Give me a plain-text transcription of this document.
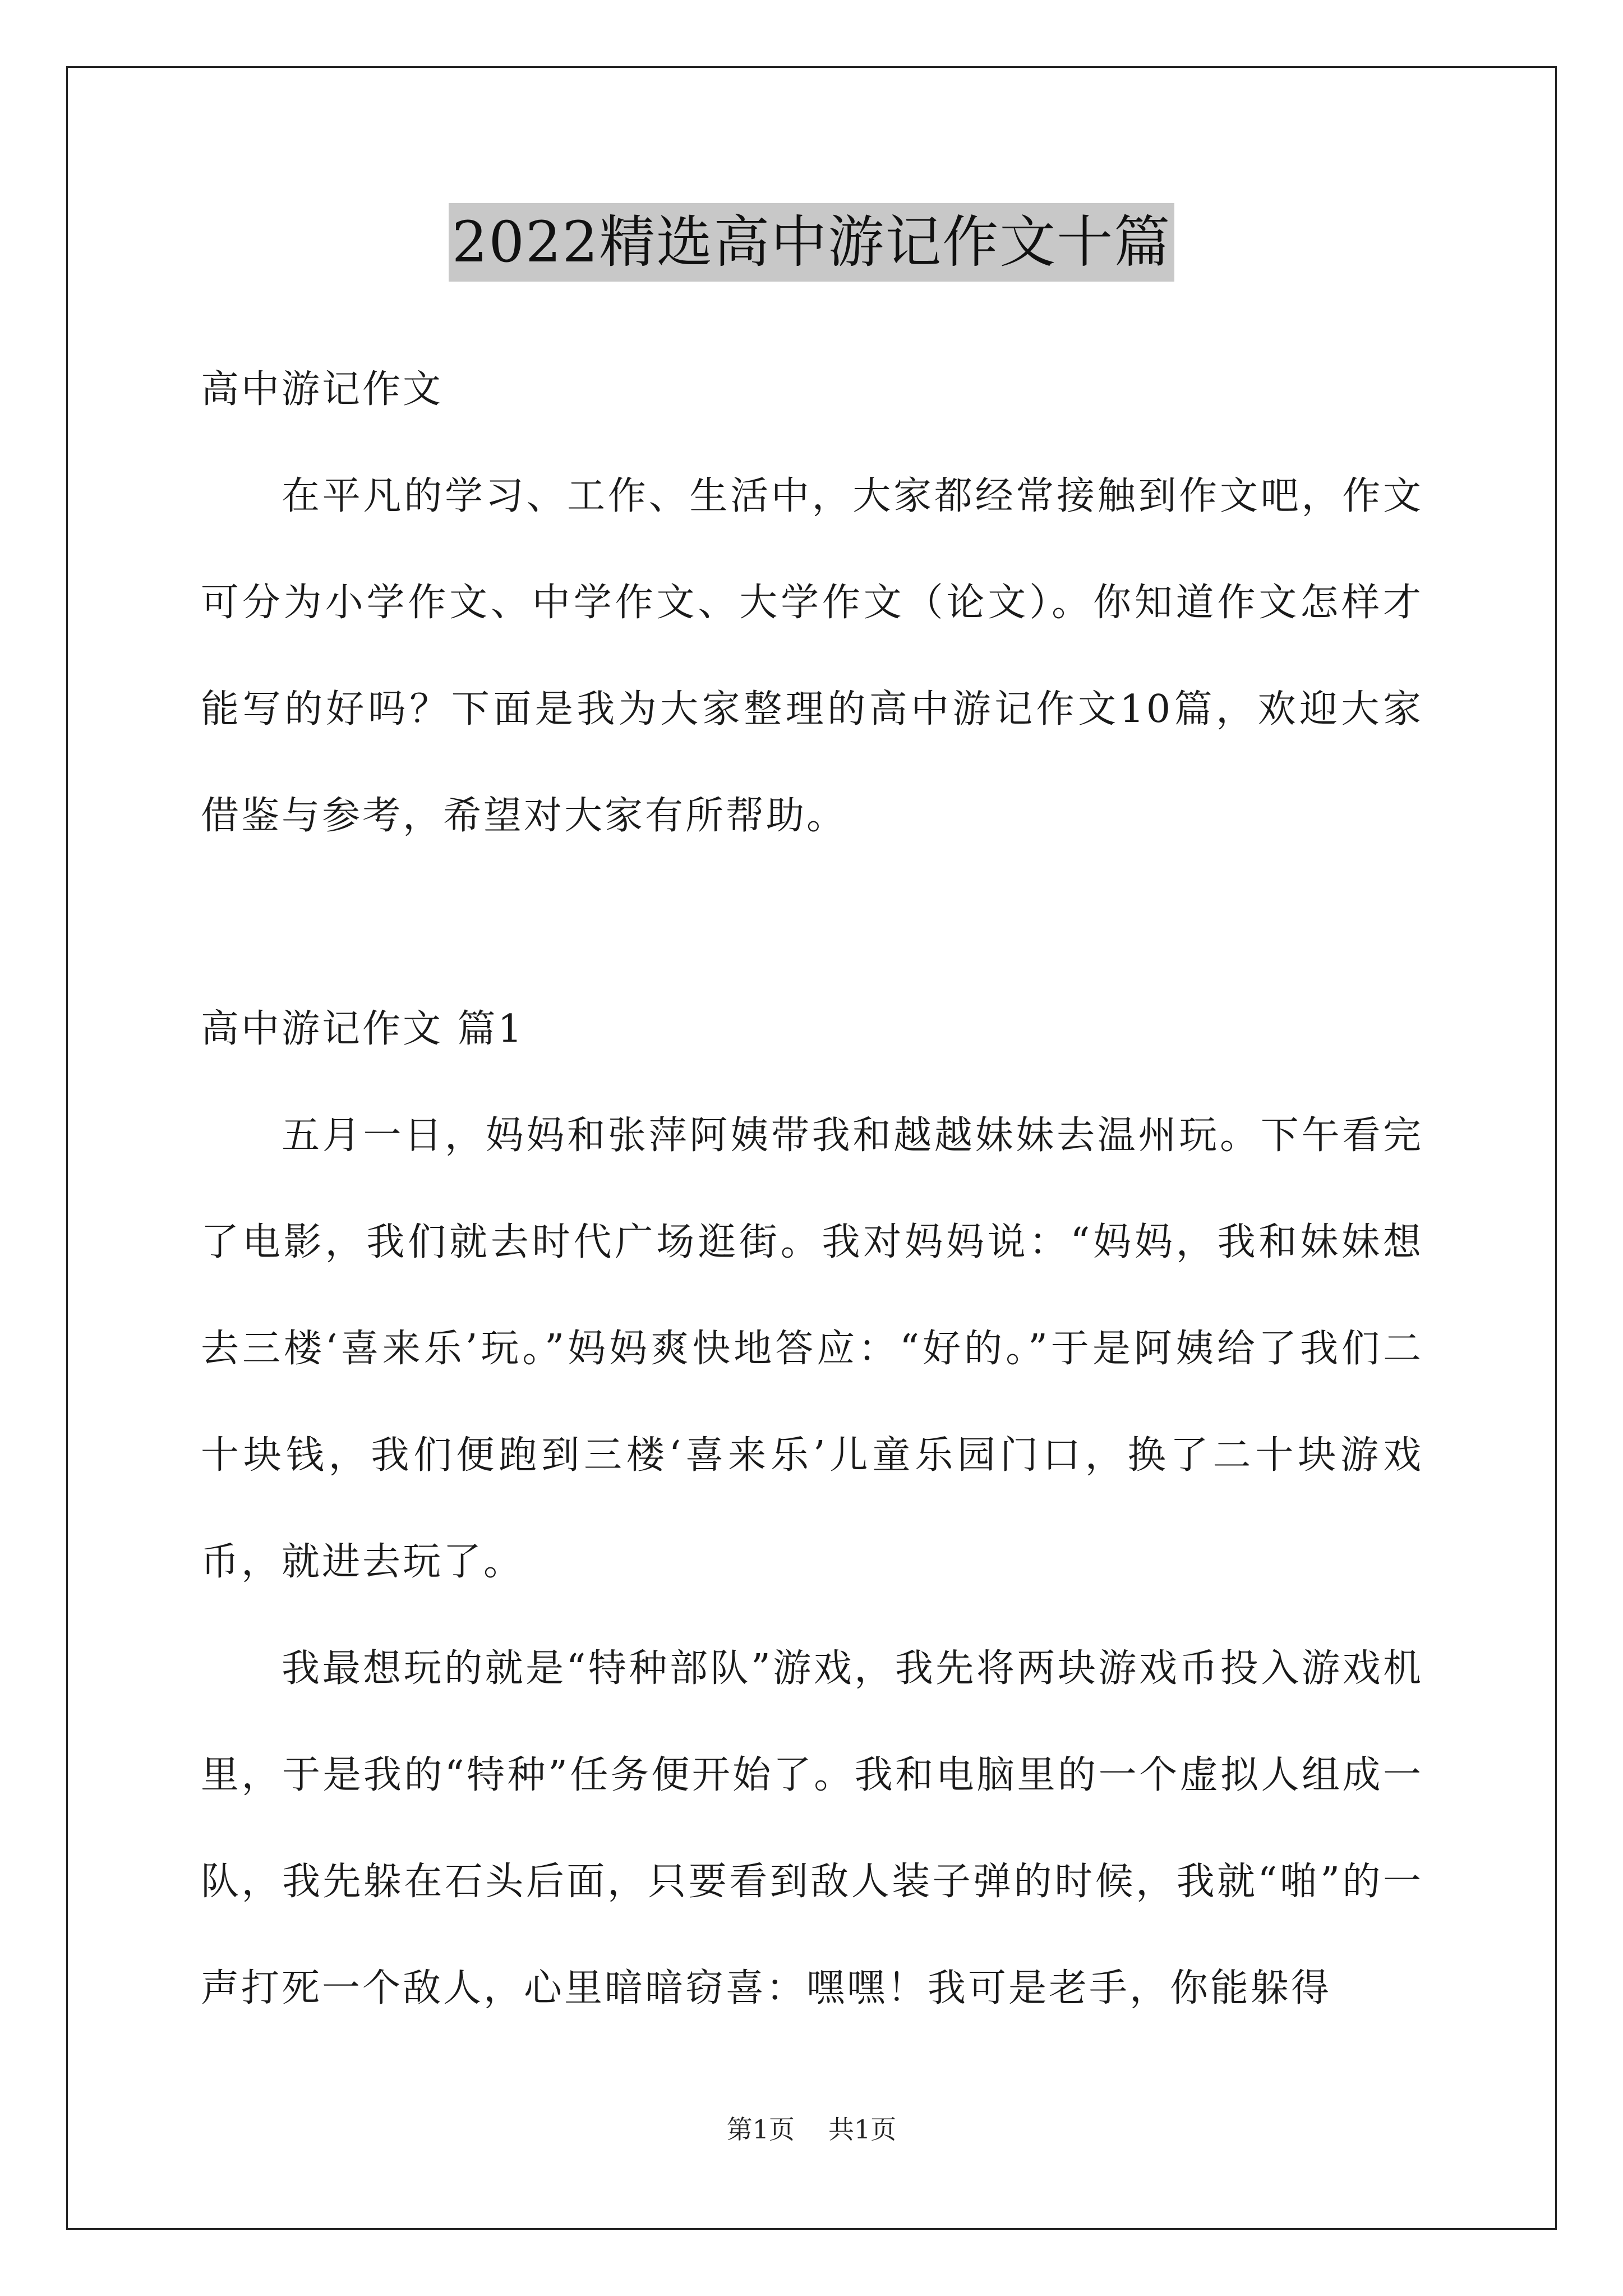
2022精选高中游记作文十篇

高中游记作文

在平凡的学习、工作、生活中，大家都经常接触到作文吧，作文可分为小学作文、中学作文、大学作文（论文）。你知道作文怎样才能写的好吗？下面是我为大家整理的高中游记作文10篇，欢迎大家借鉴与参考，希望对大家有所帮助。

高中游记作文 篇1

五月一日，妈妈和张萍阿姨带我和越越妹妹去温州玩。下午看完了电影，我们就去时代广场逛街。我对妈妈说：“妈妈，我和妹妹想去三楼‘喜来乐’玩。”妈妈爽快地答应：“好的。”于是阿姨给了我们二十块钱，我们便跑到三楼‘喜来乐’儿童乐园门口，换了二十块游戏币，就进去玩了。

我最想玩的就是“特种部队”游戏，我先将两块游戏币投入游戏机里，于是我的“特种”任务便开始了。我和电脑里的一个虚拟人组成一队，我先躲在石头后面，只要看到敌人装子弹的时候，我就“啪”的一声打死一个敌人，心里暗暗窃喜：嘿嘿！我可是老手，你能躲得

第1页 共1页
